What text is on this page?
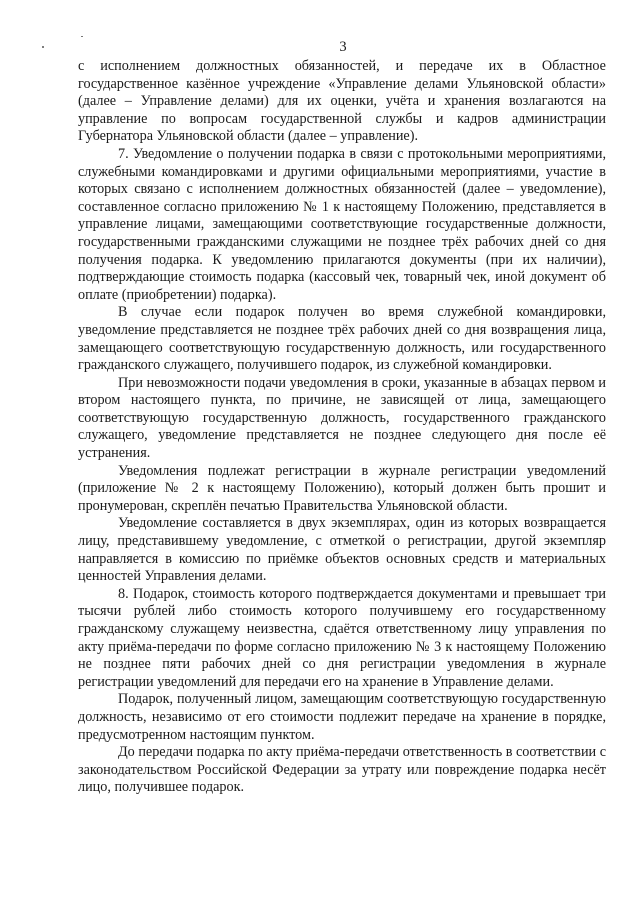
3

с исполнением должностных обязанностей, и передаче их в Областное государственное казённое учреждение «Управление делами Ульяновской области» (далее – Управление делами) для их оценки, учёта и хранения возлагаются на управление по вопросам государственной службы и кадров администрации Губернатора Ульяновской области (далее – управление).

7. Уведомление о получении подарка в связи с протокольными мероприятиями, служебными командировками и другими официальными мероприятиями, участие в которых связано с исполнением должностных обязанностей (далее – уведомление), составленное согласно приложению № 1 к настоящему Положению, представляется в управление лицами, замещающими соответствующие государственные должности, государственными гражданскими служащими не позднее трёх рабочих дней со дня получения подарка. К уведомлению прилагаются документы (при их наличии), подтверждающие стоимость подарка (кассовый чек, товарный чек, иной документ об оплате (приобретении) подарка).

В случае если подарок получен во время служебной командировки, уведомление представляется не позднее трёх рабочих дней со дня возвращения лица, замещающего соответствующую государственную должность, или государственного гражданского служащего, получившего подарок, из служебной командировки.

При невозможности подачи уведомления в сроки, указанные в абзацах первом и втором настоящего пункта, по причине, не зависящей от лица, замещающего соответствующую государственную должность, государственного гражданского служащего, уведомление представляется не позднее следующего дня после её устранения.

Уведомления подлежат регистрации в журнале регистрации уведомлений (приложение № 2 к настоящему Положению), который должен быть прошит и пронумерован, скреплён печатью Правительства Ульяновской области.

Уведомление составляется в двух экземплярах, один из которых возвращается лицу, представившему уведомление, с отметкой о регистрации, другой экземпляр направляется в комиссию по приёмке объектов основных средств и материальных ценностей Управления делами.

8. Подарок, стоимость которого подтверждается документами и превышает три тысячи рублей либо стоимость которого получившему его государственному гражданскому служащему неизвестна, сдаётся ответственному лицу управления по акту приёма-передачи по форме согласно приложению № 3 к настоящему Положению не позднее пяти рабочих дней со дня регистрации уведомления в журнале регистрации уведомлений для передачи его на хранение в Управление делами.

Подарок, полученный лицом, замещающим соответствующую государственную должность, независимо от его стоимости подлежит передаче на хранение в порядке, предусмотренном настоящим пунктом.

До передачи подарка по акту приёма-передачи ответственность в соответствии с законодательством Российской Федерации за утрату или повреждение подарка несёт лицо, получившее подарок.
